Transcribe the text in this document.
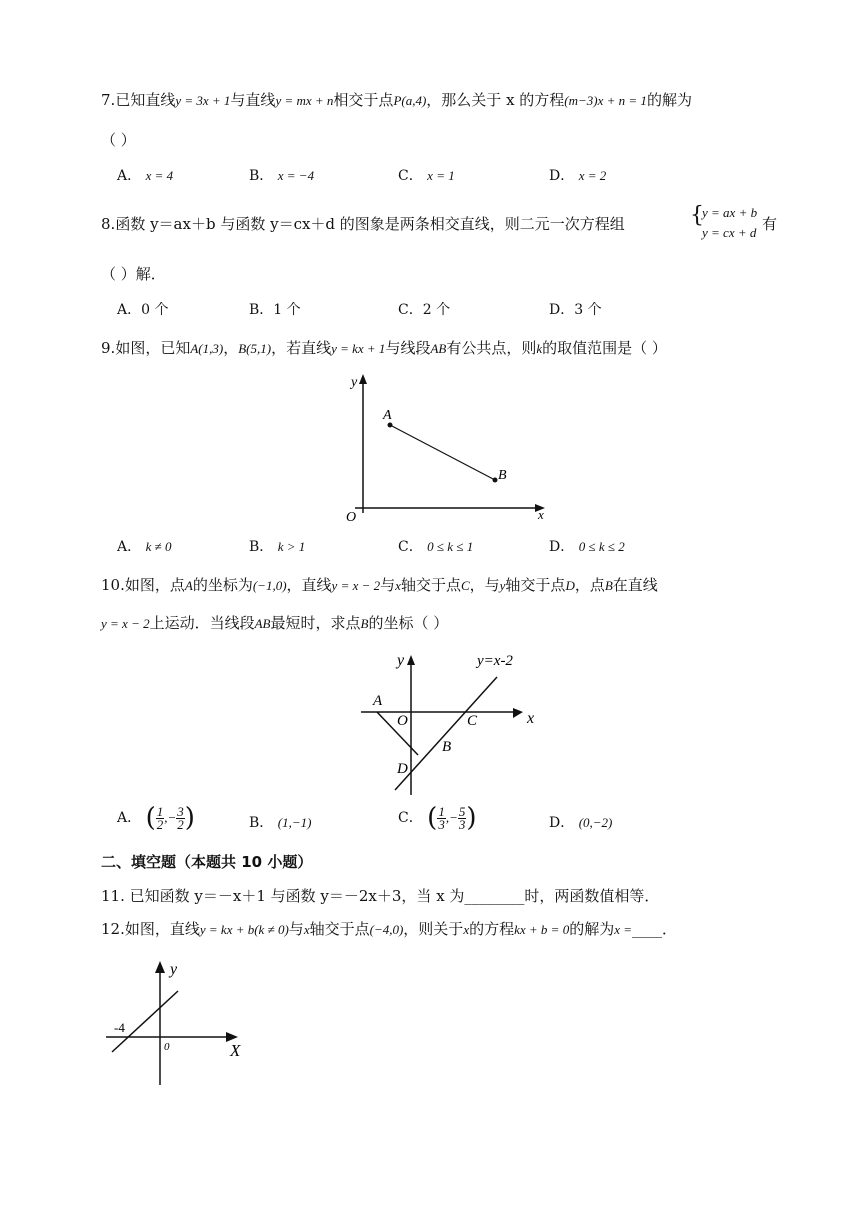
7.已知直线y = 3x + 1与直线y = mx + n相交于点P(a,4)，那么关于 x 的方程(m−3)x + n = 1的解为
（ ）
A． x = 4	B． x = −4	C． x = 1	D． x = 2
8.函数 y＝ax＋b 与函数 y＝cx＋d 的图象是两条相交直线，则二元一次方程组	{
y = ax + b
y = cx + d 有
（ ）解．
A．0 个	B．1 个	C．2 个	D．3 个
9.如图，已知A(1,3)，B(5,1)，若直线y = kx + 1与线段AB有公共点，则k的取值范围是（ ）
y
x
O
A
B
A． k ≠ 0	B． k > 1	C． 0 ≤ k ≤ 1	D． 0 ≤ k ≤ 2
10.如图，点A的坐标为(−1,0)，直线y = x − 2与x轴交于点C，与y轴交于点D，点B在直线
y = x − 2上运动．当线段AB最短时，求点B的坐标（ ）
y
x
y=x-2
A
O	C
B
D
A． ( $\frac{1}{2}$ ,− $\frac{3}{2}$ )	B． (1,−1)	C． ( $\frac{1}{3}$ ,− $\frac{5}{3}$ )	D． (0,−2)
二、填空题（本题共 10 小题）
11. 已知函数 y＝－x＋1 与函数 y＝－2x＋3，当 x 为________时，两函数值相等．
12.如图，直线y = kx + b(k ≠ 0)与x轴交于点(−4,0)，则关于x的方程kx + b = 0的解为x =____．
y
X
0
-4
